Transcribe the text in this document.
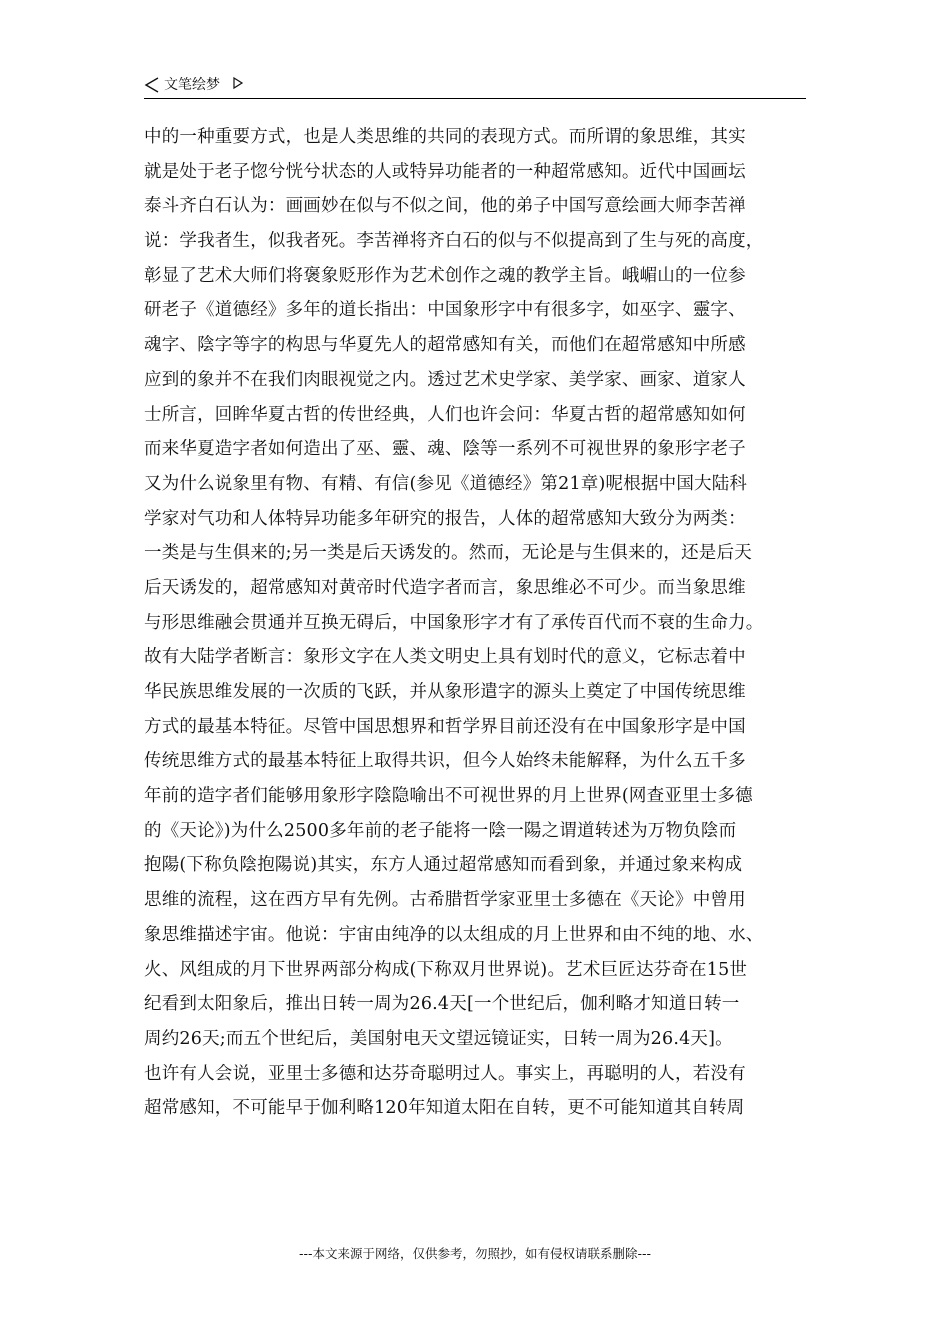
文笔绘梦
中的一种重要方式，也是人类思维的共同的表现方式。而所谓的象思维，其实
就是处于老子惚兮恍兮状态的人或特异功能者的一种超常感知。近代中国画坛
泰斗齐白石认为：画画妙在似与不似之间，他的弟子中国写意绘画大师李苦禅
说：学我者生，似我者死。李苦禅将齐白石的似与不似提高到了生与死的高度，
彰显了艺术大师们将褒象贬形作为艺术创作之魂的教学主旨。峨嵋山的一位参
研老子《道德经》多年的道长指出：中国象形字中有很多字，如巫字、靈字、
魂字、陰字等字的构思与华夏先人的超常感知有关，而他们在超常感知中所感
应到的象并不在我们肉眼视觉之内。透过艺术史学家、美学家、画家、道家人
士所言，回眸华夏古哲的传世经典，人们也许会问：华夏古哲的超常感知如何
而来华夏造字者如何造出了巫、靈、魂、陰等一系列不可视世界的象形字老子
又为什么说象里有物、有精、有信(参见《道德经》第21章)呢根据中国大陆科
学家对气功和人体特异功能多年研究的报告，人体的超常感知大致分为两类：
一类是与生俱来的;另一类是后天诱发的。然而，无论是与生俱来的，还是后天
后天诱发的，超常感知对黄帝时代造字者而言，象思维必不可少。而当象思维
与形思维融会贯通并互换无碍后，中国象形字才有了承传百代而不衰的生命力。
故有大陆学者断言：象形文字在人类文明史上具有划时代的意义，它标志着中
华民族思维发展的一次质的飞跃，并从象形遣字的源头上奠定了中国传统思维
方式的最基本特征。尽管中国思想界和哲学界目前还没有在中国象形字是中国
传统思维方式的最基本特征上取得共识，但今人始终未能解释，为什么五千多
年前的造字者们能够用象形字陰隐喻出不可视世界的月上世界(网查亚里士多德
的《天论》)为什么2500多年前的老子能将一陰一陽之谓道转述为万物负陰而
抱陽(下称负陰抱陽说)其实，东方人通过超常感知而看到象，并通过象来构成
思维的流程，这在西方早有先例。古希腊哲学家亚里士多德在《天论》中曾用
象思维描述宇宙。他说：宇宙由纯净的以太组成的月上世界和由不纯的地、水、
火、风组成的月下世界两部分构成(下称双月世界说)。艺术巨匠达芬奇在15世
纪看到太阳象后，推出日转一周为26.4天[一个世纪后，伽利略才知道日转一
周约26天;而五个世纪后，美国射电天文望远镜证实，日转一周为26.4天]。
也许有人会说，亚里士多德和达芬奇聪明过人。事实上，再聪明的人，若没有
超常感知，不可能早于伽利略120年知道太阳在自转，更不可能知道其自转周
---本文来源于网络，仅供参考，勿照抄，如有侵权请联系删除---
